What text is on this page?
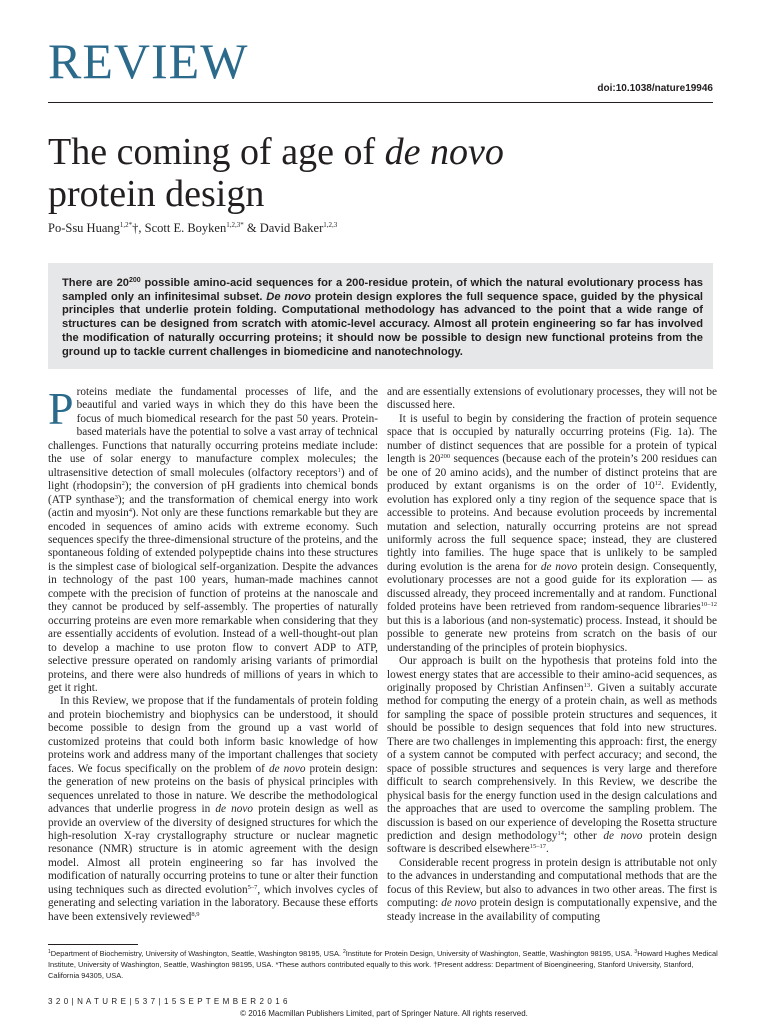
REVIEW	doi:10.1038/nature19946
The coming of age of de novo
protein design
Po-Ssu Huang$^{1,2*}$†, Scott E. Boyken$^{1,2,3*}$ & David Baker$^{1,2,3}$

There are $20^{200}$ possible amino-acid sequences for a 200-residue protein, of which the natural evolutionary process has sampled only an infinitesimal subset. De novo protein design explores the full sequence space, guided by the physical principles that underlie protein folding. Computational methodology has advanced to the point that a wide range of structures can be designed from scratch with atomic-level accuracy. Almost all protein engineering so far has involved the modification of naturally occurring proteins; it should now be possible to design new functional proteins from the ground up to tackle current challenges in biomedicine and nanotechnology.

Proteins mediate the fundamental processes of life, and the beautiful and varied ways in which they do this have been the focus of much biomedical research for the past 50 years. Protein-based materials have the potential to solve a vast array of technical challenges. Functions that naturally occurring proteins mediate include: the use of solar energy to manufacture complex molecules; the ultrasensitive detection of small molecules (olfactory receptors$^1$) and of light (rhodopsin$^2$); the conversion of pH gradients into chemical bonds (ATP synthase$^3$); and the transformation of chemical energy into work (actin and myosin$^4$). Not only are these functions remarkable but they are encoded in sequences of amino acids with extreme economy. Such sequences specify the three-dimensional structure of the proteins, and the spontaneous folding of extended polypeptide chains into these structures is the simplest case of biological self-organization. Despite the advances in technology of the past 100 years, human-made machines cannot compete with the precision of function of proteins at the nanoscale and they cannot be produced by self-assembly. The properties of naturally occurring proteins are even more remarkable when considering that they are essentially accidents of evolution. Instead of a well-thought-out plan to develop a machine to use proton flow to convert ADP to ATP, selective pressure operated on randomly arising variants of primordial proteins, and there were also hundreds of millions of years in which to get it right.

In this Review, we propose that if the fundamentals of protein folding and protein biochemistry and biophysics can be understood, it should become possible to design from the ground up a vast world of customized proteins that could both inform basic knowledge of how proteins work and address many of the important challenges that society faces. We focus specifically on the problem of de novo protein design: the generation of new proteins on the basis of physical principles with sequences unrelated to those in nature. We describe the methodological advances that underlie progress in de novo protein design as well as provide an overview of the diversity of designed structures for which the high-resolution X-ray crystallography structure or nuclear magnetic resonance (NMR) structure is in atomic agreement with the design model. Almost all protein engineering so far has involved the modification of naturally occurring proteins to tune or alter their function using techniques such as directed evolution$^{5-7}$, which involves cycles of generating and selecting variation in the laboratory. Because these efforts have been extensively reviewed$^{8,9}$

and are essentially extensions of evolutionary processes, they will not be discussed here.

It is useful to begin by considering the fraction of protein sequence space that is occupied by naturally occurring proteins (Fig. 1a). The number of distinct sequences that are possible for a protein of typical length is $20^{200}$ sequences (because each of the protein’s 200 residues can be one of 20 amino acids), and the number of distinct proteins that are produced by extant organisms is on the order of $10^{12}$. Evidently, evolution has explored only a tiny region of the sequence space that is accessible to proteins. And because evolution proceeds by incremental mutation and selection, naturally occurring proteins are not spread uniformly across the full sequence space; instead, they are clustered tightly into families. The huge space that is unlikely to be sampled during evolution is the arena for de novo protein design. Consequently, evolutionary processes are not a good guide for its exploration — as discussed already, they proceed incrementally and at random. Functional folded proteins have been retrieved from random-sequence libraries$^{10-12}$ but this is a laborious (and non-systematic) process. Instead, it should be possible to generate new proteins from scratch on the basis of our understanding of the principles of protein biophysics.

Our approach is built on the hypothesis that proteins fold into the lowest energy states that are accessible to their amino-acid sequences, as originally proposed by Christian Anfinsen$^{13}$. Given a suitably accurate method for computing the energy of a protein chain, as well as methods for sampling the space of possible protein structures and sequences, it should be possible to design sequences that fold into new structures. There are two challenges in implementing this approach: first, the energy of a system cannot be computed with perfect accuracy; and second, the space of possible structures and sequences is very large and therefore difficult to search comprehensively. In this Review, we describe the physical basis for the energy function used in the design calculations and the approaches that are used to overcome the sampling problem. The discussion is based on our experience of developing the Rosetta structure prediction and design methodology$^{14}$; other de novo protein design software is described elsewhere$^{15-17}$.

Considerable recent progress in protein design is attributable not only to the advances in understanding and computational methods that are the focus of this Review, but also to advances in two other areas. The first is computing: de novo protein design is computationally expensive, and the steady increase in the availability of computing

$^1$Department of Biochemistry, University of Washington, Seattle, Washington 98195, USA. $^2$Institute for Protein Design, University of Washington, Seattle, Washington 98195, USA. $^3$Howard Hughes Medical Institute, University of Washington, Seattle, Washington 98195, USA. *These authors contributed equally to this work. †Present address: Department of Bioengineering, Stanford University, Stanford, California 94305, USA.

3 2 0 | N A T U R E | 5 3 7 | 1 5 S E P T E M B E R 2 0 1 6
© 2016 Macmillan Publishers Limited, part of Springer Nature. All rights reserved.
